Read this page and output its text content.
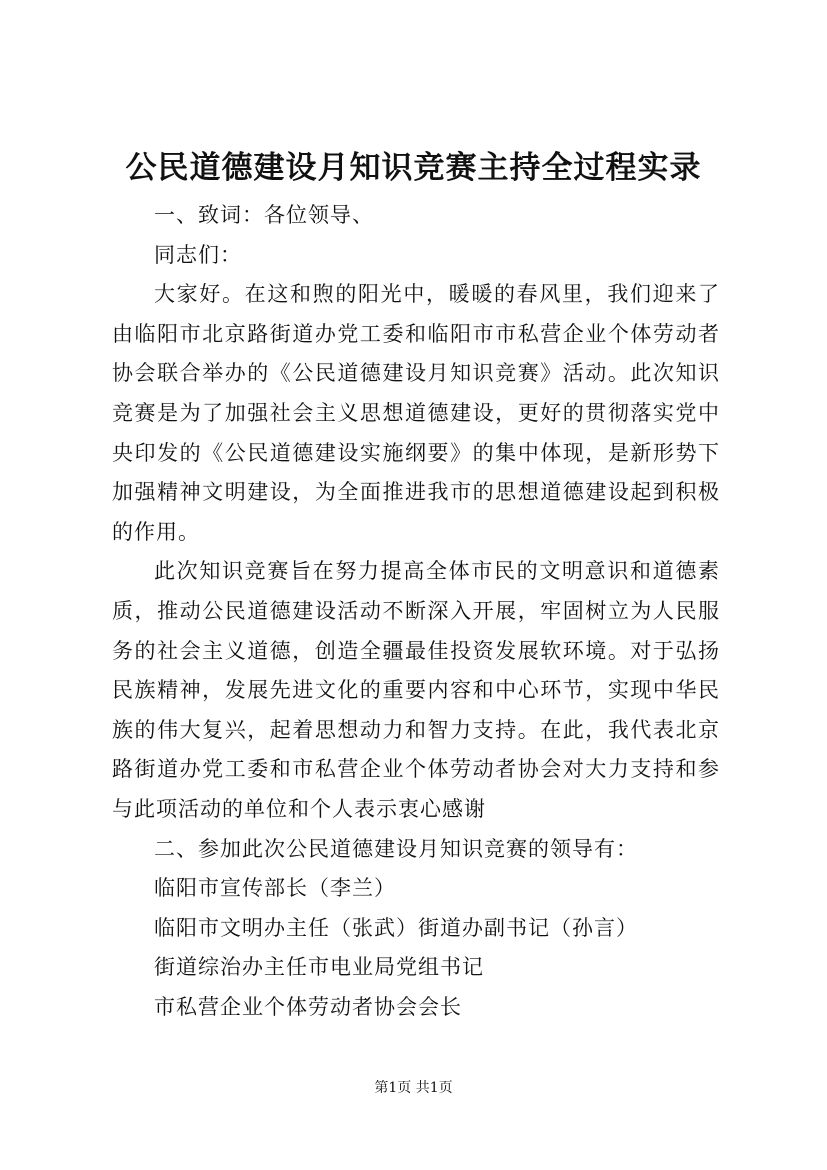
公民道德建设月知识竞赛主持全过程实录

一、致词：各位领导、

同志们：

大家好。在这和煦的阳光中，暖暖的春风里，我们迎来了由临阳市北京路街道办党工委和临阳市市私营企业个体劳动者协会联合举办的《公民道德建设月知识竞赛》活动。此次知识竞赛是为了加强社会主义思想道德建设，更好的贯彻落实党中央印发的《公民道德建设实施纲要》的集中体现，是新形势下加强精神文明建设，为全面推进我市的思想道德建设起到积极的作用。

此次知识竞赛旨在努力提高全体市民的文明意识和道德素质，推动公民道德建设活动不断深入开展，牢固树立为人民服务的社会主义道德，创造全疆最佳投资发展软环境。对于弘扬民族精神，发展先进文化的重要内容和中心环节，实现中华民族的伟大复兴，起着思想动力和智力支持。在此，我代表北京路街道办党工委和市私营企业个体劳动者协会对大力支持和参与此项活动的单位和个人表示衷心感谢

二、参加此次公民道德建设月知识竞赛的领导有：

临阳市宣传部长（李兰）

临阳市文明办主任（张武）街道办副书记（孙言）

街道综治办主任市电业局党组书记

市私营企业个体劳动者协会会长

第1页 共1页
